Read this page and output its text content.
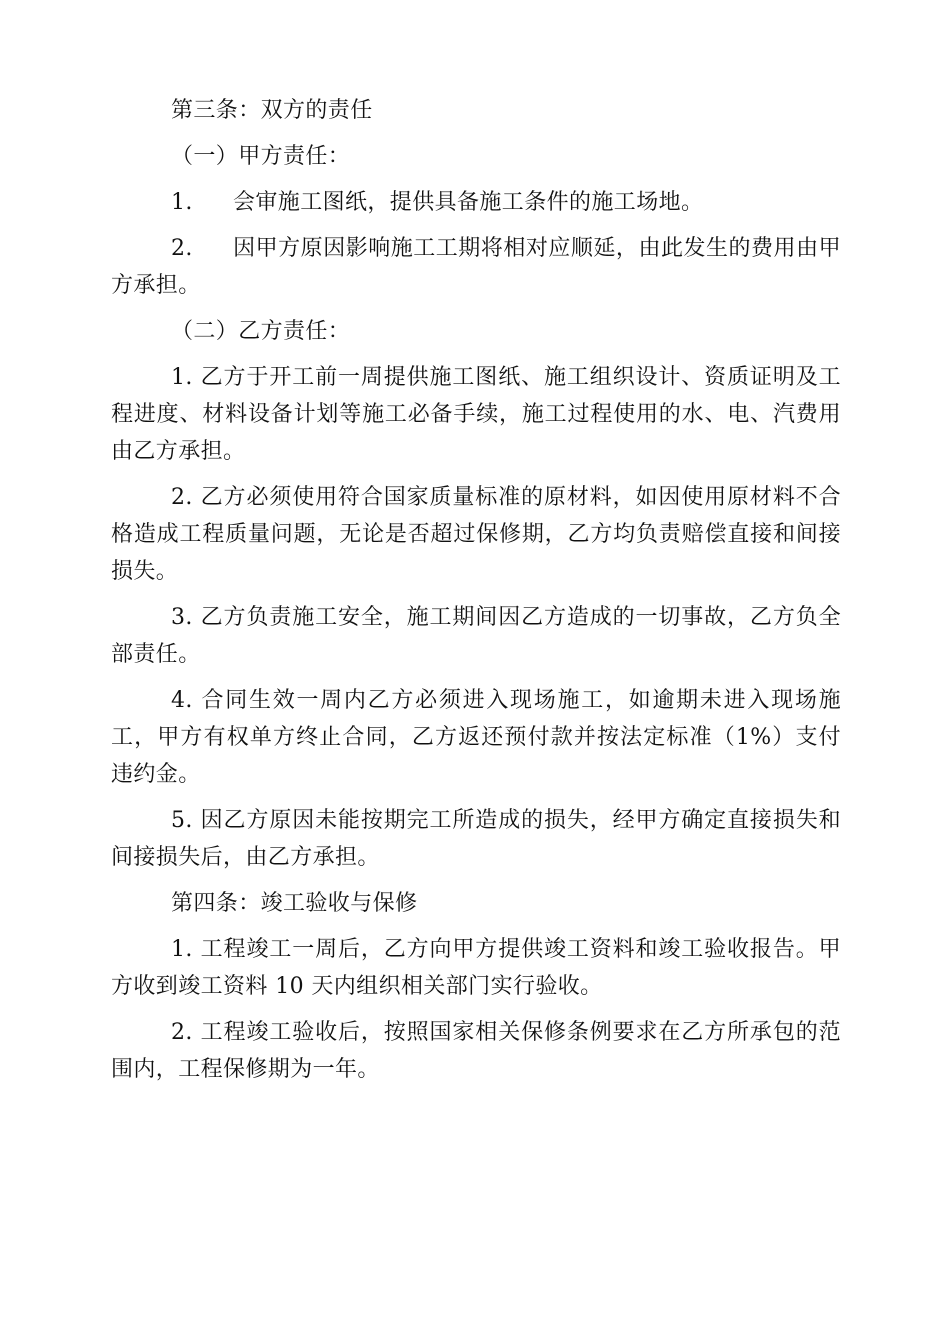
第三条：双方的责任

（一）甲方责任：

1. 会审施工图纸，提供具备施工条件的施工场地。

2. 因甲方原因影响施工工期将相对应顺延，由此发生的费用由甲  方承担。

（二）乙方责任：

1. 乙方于开工前一周提供施工图纸、施工组织设计、资质证明及工程进度、材料设备计划等施工必备手续，施工过程使用的水、电、汽费用由乙方承担。

2. 乙方必须使用符合国家质量标准的原材料，如因使用原材料不合格造成工程质量问题，无论是否超过保修期，乙方均负责赔偿直接和间接损失。

3. 乙方负责施工安全，施工期间因乙方造成的一切事故，乙方负全部责任。

4. 合同生效一周内乙方必须进入现场施工，如逾期未进入现场施工，甲方有权单方终止合同，乙方返还预付款并按法定标准（1%）支付  违约金。

5. 因乙方原因未能按期完工所造成的损失，经甲方确定直接损失和间接损失后，由乙方承担。

第四条：竣工验收与保修

1. 工程竣工一周后，乙方向甲方提供竣工资料和竣工验收报告。甲方收到竣工资料 10 天内组织相关部门实行验收。

2. 工程竣工验收后，按照国家相关保修条例要求在乙方所承包的范围内，工程保修期为一年。
